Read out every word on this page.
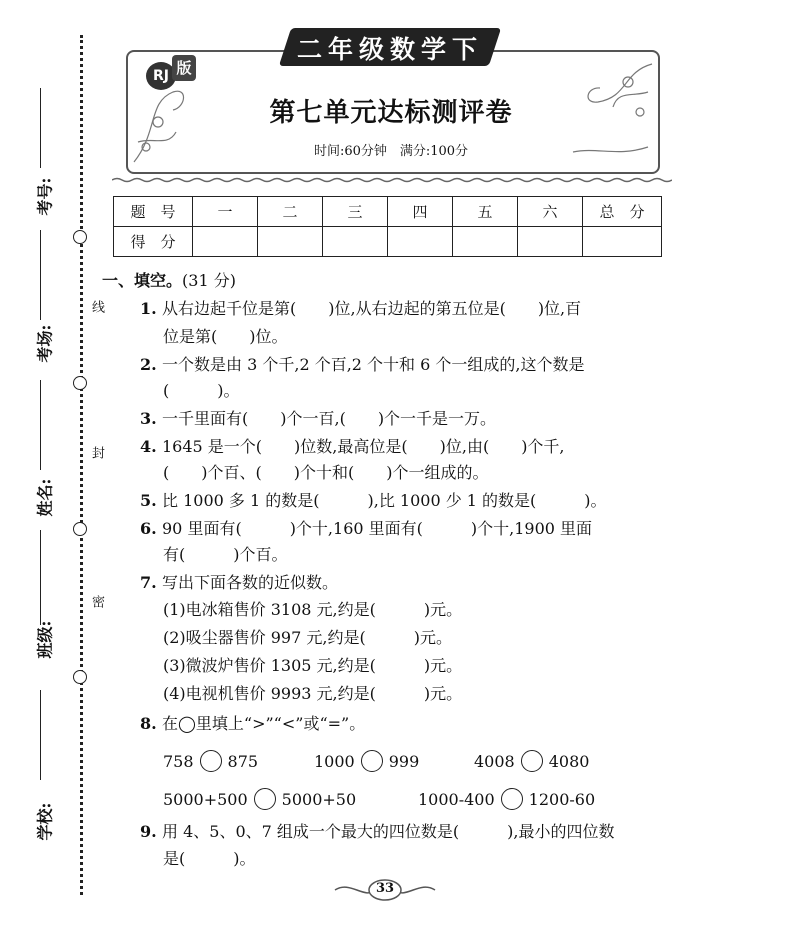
线
封
密
考号:
考场:
姓名:
班级:
学校:
二年级数学下
RJ 版
第七单元达标测评卷
时间:60分钟　满分:100分
题　号	一	二	三	四	五	六	总　分
得　分							
一、填空。(31 分)
1. 从右边起千位是第(　　)位,从右边起的第五位是(　　)位,百
位是第(　　)位。
2. 一个数是由 3 个千,2 个百,2 个十和 6 个一组成的,这个数是
(　　　)。
3. 一千里面有(　　)个一百,(　　)个一千是一万。
4. 1645 是一个(　　)位数,最高位是(　　)位,由(　　)个千,
(　　)个百、(　　)个十和(　　)个一组成的。
5. 比 1000 多 1 的数是(　　　),比 1000 少 1 的数是(　　　)。
6. 90 里面有(　　　)个十,160 里面有(　　　)个十,1900 里面
有(　　　)个百。
7. 写出下面各数的近似数。
(1)电冰箱售价 3108 元,约是(　　　)元。
(2)吸尘器售价 997 元,约是(　　　)元。
(3)微波炉售价 1305 元,约是(　　　)元。
(4)电视机售价 9993 元,约是(　　　)元。
8. 在◯里填上“>”“<”或“=”。
758 875	1000 999	4008 4080
5000+500 5000+50	1000-400 1200-60
9. 用 4、5、0、7 组成一个最大的四位数是(　　　),最小的四位数
是(　　　)。
33
